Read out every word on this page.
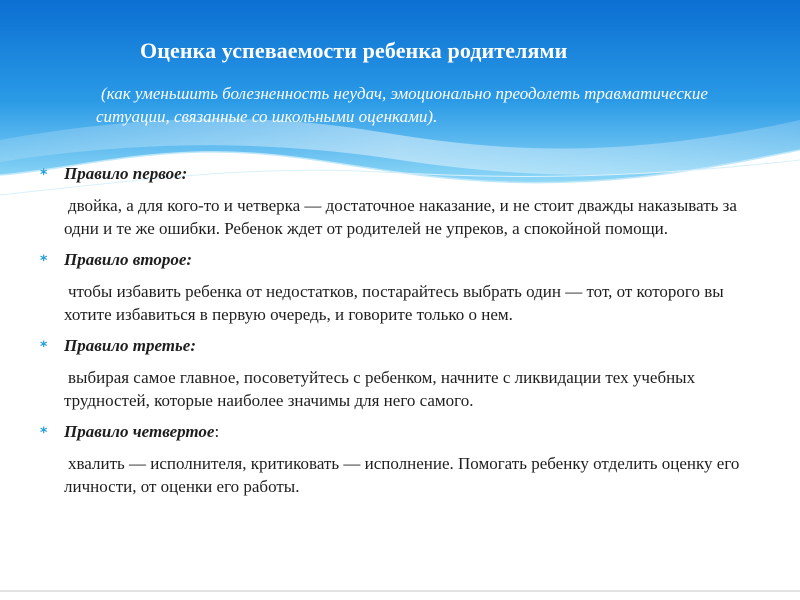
Оценка успеваемости ребенка родителями

(как уменьшить болезненность неудач, эмоционально преодолеть травматические ситуации, связанные со школьными оценками).

* Правило первое:

двойка, а для кого-то и четверка — достаточное наказание, и не стоит дважды наказывать за одни и те же ошибки. Ребенок ждет от родителей не упреков, а спокойной помощи.

* Правило второе:

чтобы избавить ребенка от недостатков, постарайтесь выбрать один — тот, от которого вы хотите избавиться в первую очередь, и говорите только о нем.

* Правило третье:

выбирая самое главное, посоветуйтесь с ребенком, начните с ликвидации тех учебных трудностей, которые наиболее значимы для него самого.

* Правило четвертое :

хвалить — исполнителя, критиковать — исполнение. Помогать ребенку отделить оценку его личности, от оценки его работы.
